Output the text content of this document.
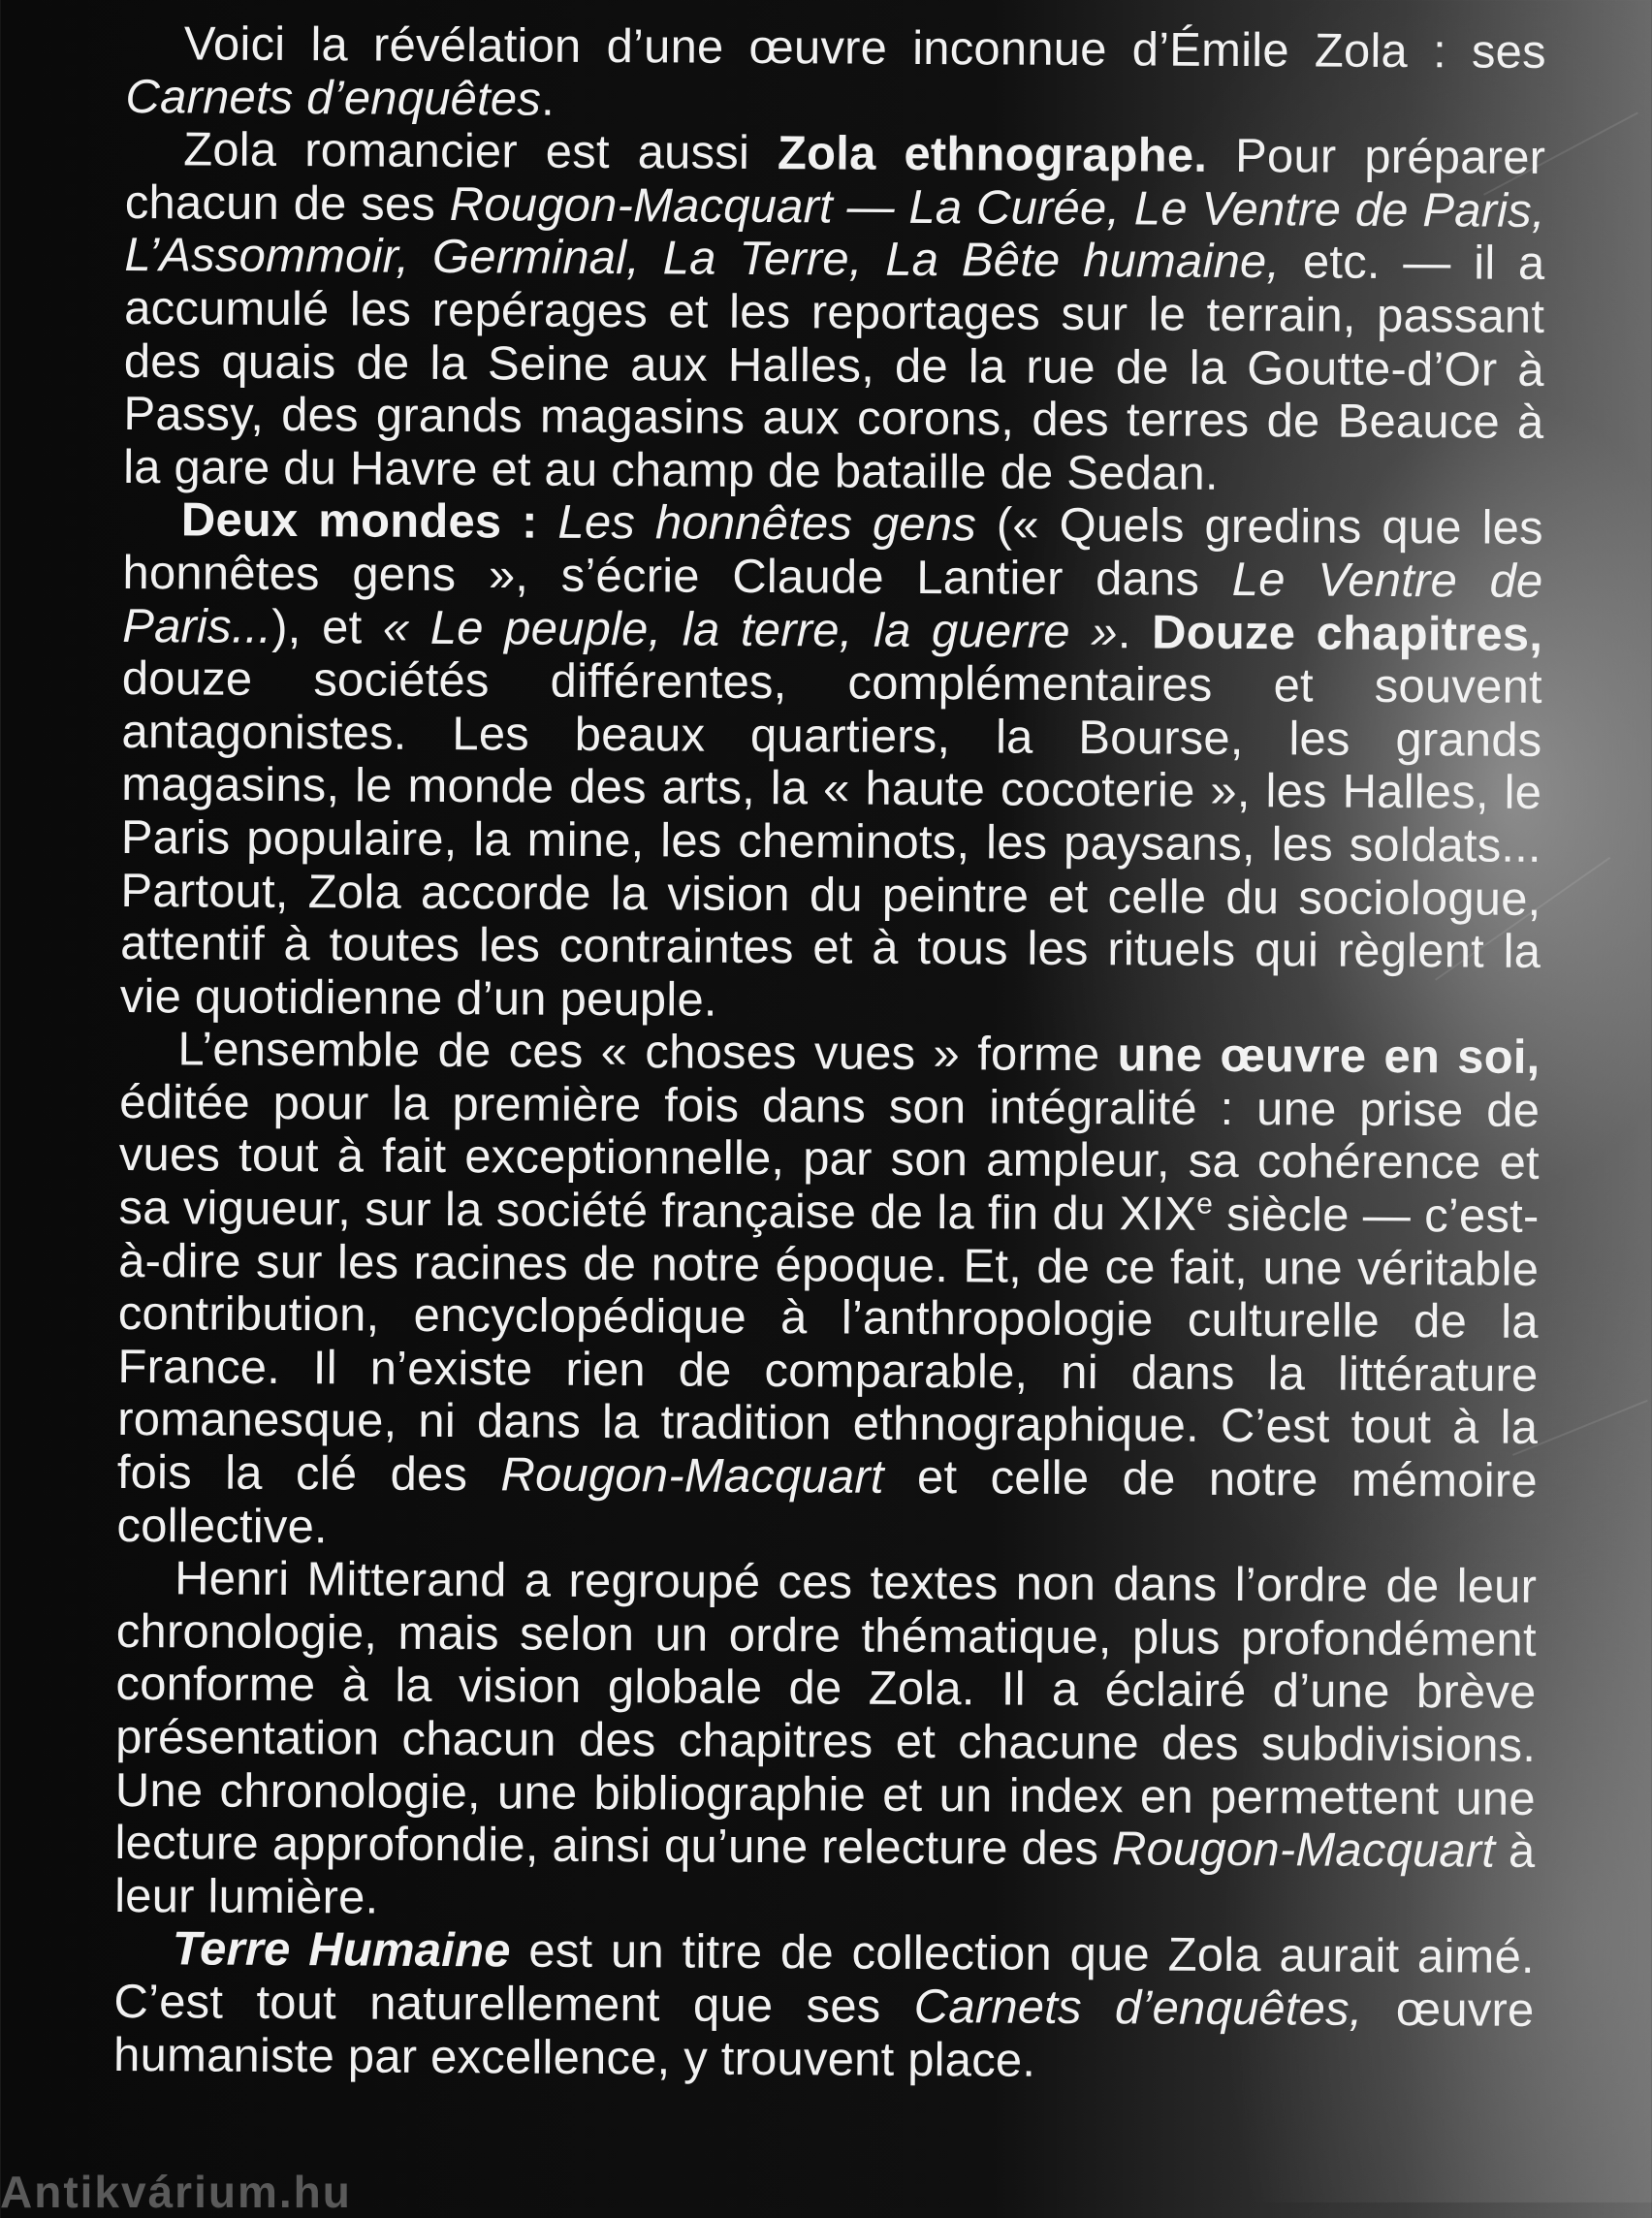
Voici la révélation d’une œuvre inconnue d’Émile Zola : ses Carnets d’enquêtes.

Zola romancier est aussi Zola ethnographe. Pour préparer chacun de ses Rougon-Macquart — La Curée, Le Ventre de Paris, L’Assommoir, Germinal, La Terre, La Bête humaine, etc. — il a accumulé les repérages et les reportages sur le terrain, passant des quais de la Seine aux Halles, de la rue de la Goutte-d’Or à Passy, des grands magasins aux corons, des terres de Beauce à la gare du Havre et au champ de bataille de Sedan.

Deux mondes : Les honnêtes gens (« Quels gredins que les honnêtes gens », s’écrie Claude Lantier dans Le Ventre de Paris...), et « Le peuple, la terre, la guerre ». Douze chapitres, douze sociétés différentes, complémentaires et souvent antagonistes. Les beaux quartiers, la Bourse, les grands magasins, le monde des arts, la « haute cocoterie », les Halles, le Paris populaire, la mine, les cheminots, les paysans, les soldats... Partout, Zola accorde la vision du peintre et celle du sociologue, attentif à toutes les contraintes et à tous les rituels qui règlent la vie quotidienne d’un peuple.

L’ensemble de ces « choses vues » forme une œuvre en soi, éditée pour la première fois dans son intégralité : une prise de vues tout à fait exceptionnelle, par son ampleur, sa cohérence et sa vigueur, sur la société française de la fin du XIXe siècle — c’est-à-dire sur les racines de notre époque. Et, de ce fait, une véritable contribution, encyclopédique à l’anthropologie culturelle de la France. Il n’existe rien de comparable, ni dans la littérature romanesque, ni dans la tradition ethnographique. C’est tout à la fois la clé des Rougon-Macquart et celle de notre mémoire collective.

Henri Mitterand a regroupé ces textes non dans l’ordre de leur chronologie, mais selon un ordre thématique, plus profondément conforme à la vision globale de Zola. Il a éclairé d’une brève présentation chacun des chapitres et chacune des subdivisions. Une chronologie, une bibliographie et un index en permettent une lecture approfondie, ainsi qu’une relecture des Rougon-Macquart à leur lumière.

Terre Humaine est un titre de collection que Zola aurait aimé. C’est tout naturellement que ses Carnets d’enquêtes, œuvre humaniste par excellence, y trouvent place.

Antikvárium.hu
